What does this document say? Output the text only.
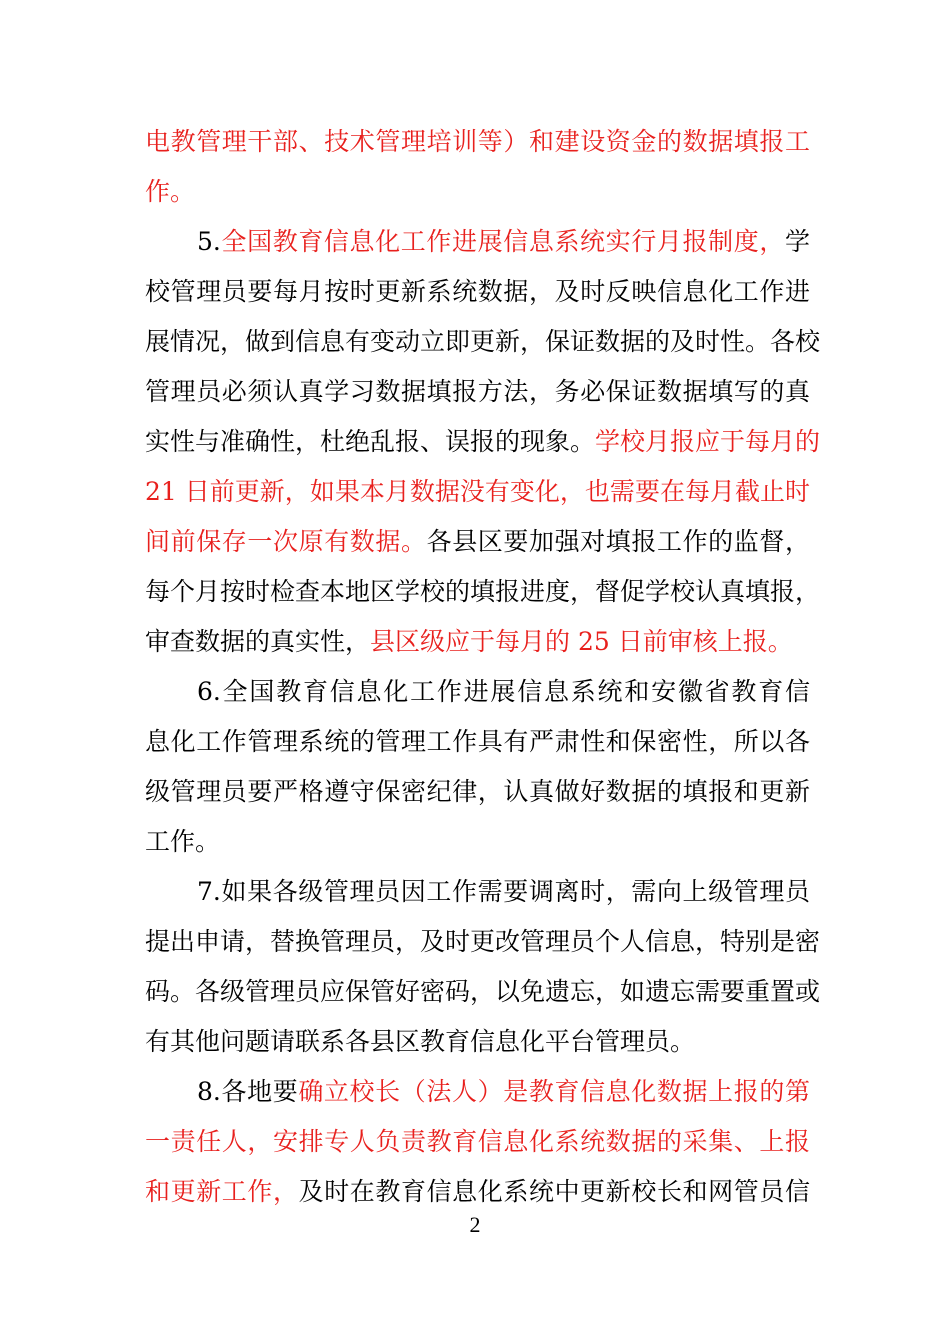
电教管理干部、技术管理培训等）和建设资金的数据填报工
作。
5.全国教育信息化工作进展信息系统实行月报制度，学
校管理员要每月按时更新系统数据，及时反映信息化工作进
展情况，做到信息有变动立即更新，保证数据的及时性。各校
管理员必须认真学习数据填报方法，务必保证数据填写的真
实性与准确性，杜绝乱报、误报的现象。学校月报应于每月的
21 日前更新，如果本月数据没有变化，也需要在每月截止时
间前保存一次原有数据。各县区要加强对填报工作的监督，
每个月按时检查本地区学校的填报进度，督促学校认真填报，
审查数据的真实性，县区级应于每月的 25 日前审核上报。
6.全国教育信息化工作进展信息系统和安徽省教育信
息化工作管理系统的管理工作具有严肃性和保密性，所以各
级管理员要严格遵守保密纪律，认真做好数据的填报和更新
工作。
7.如果各级管理员因工作需要调离时，需向上级管理员
提出申请，替换管理员，及时更改管理员个人信息，特别是密
码。各级管理员应保管好密码，以免遗忘，如遗忘需要重置或
有其他问题请联系各县区教育信息化平台管理员。
8.各地要确立校长（法人）是教育信息化数据上报的第
一责任人，安排专人负责教育信息化系统数据的采集、上报
和更新工作，及时在教育信息化系统中更新校长和网管员信
2
